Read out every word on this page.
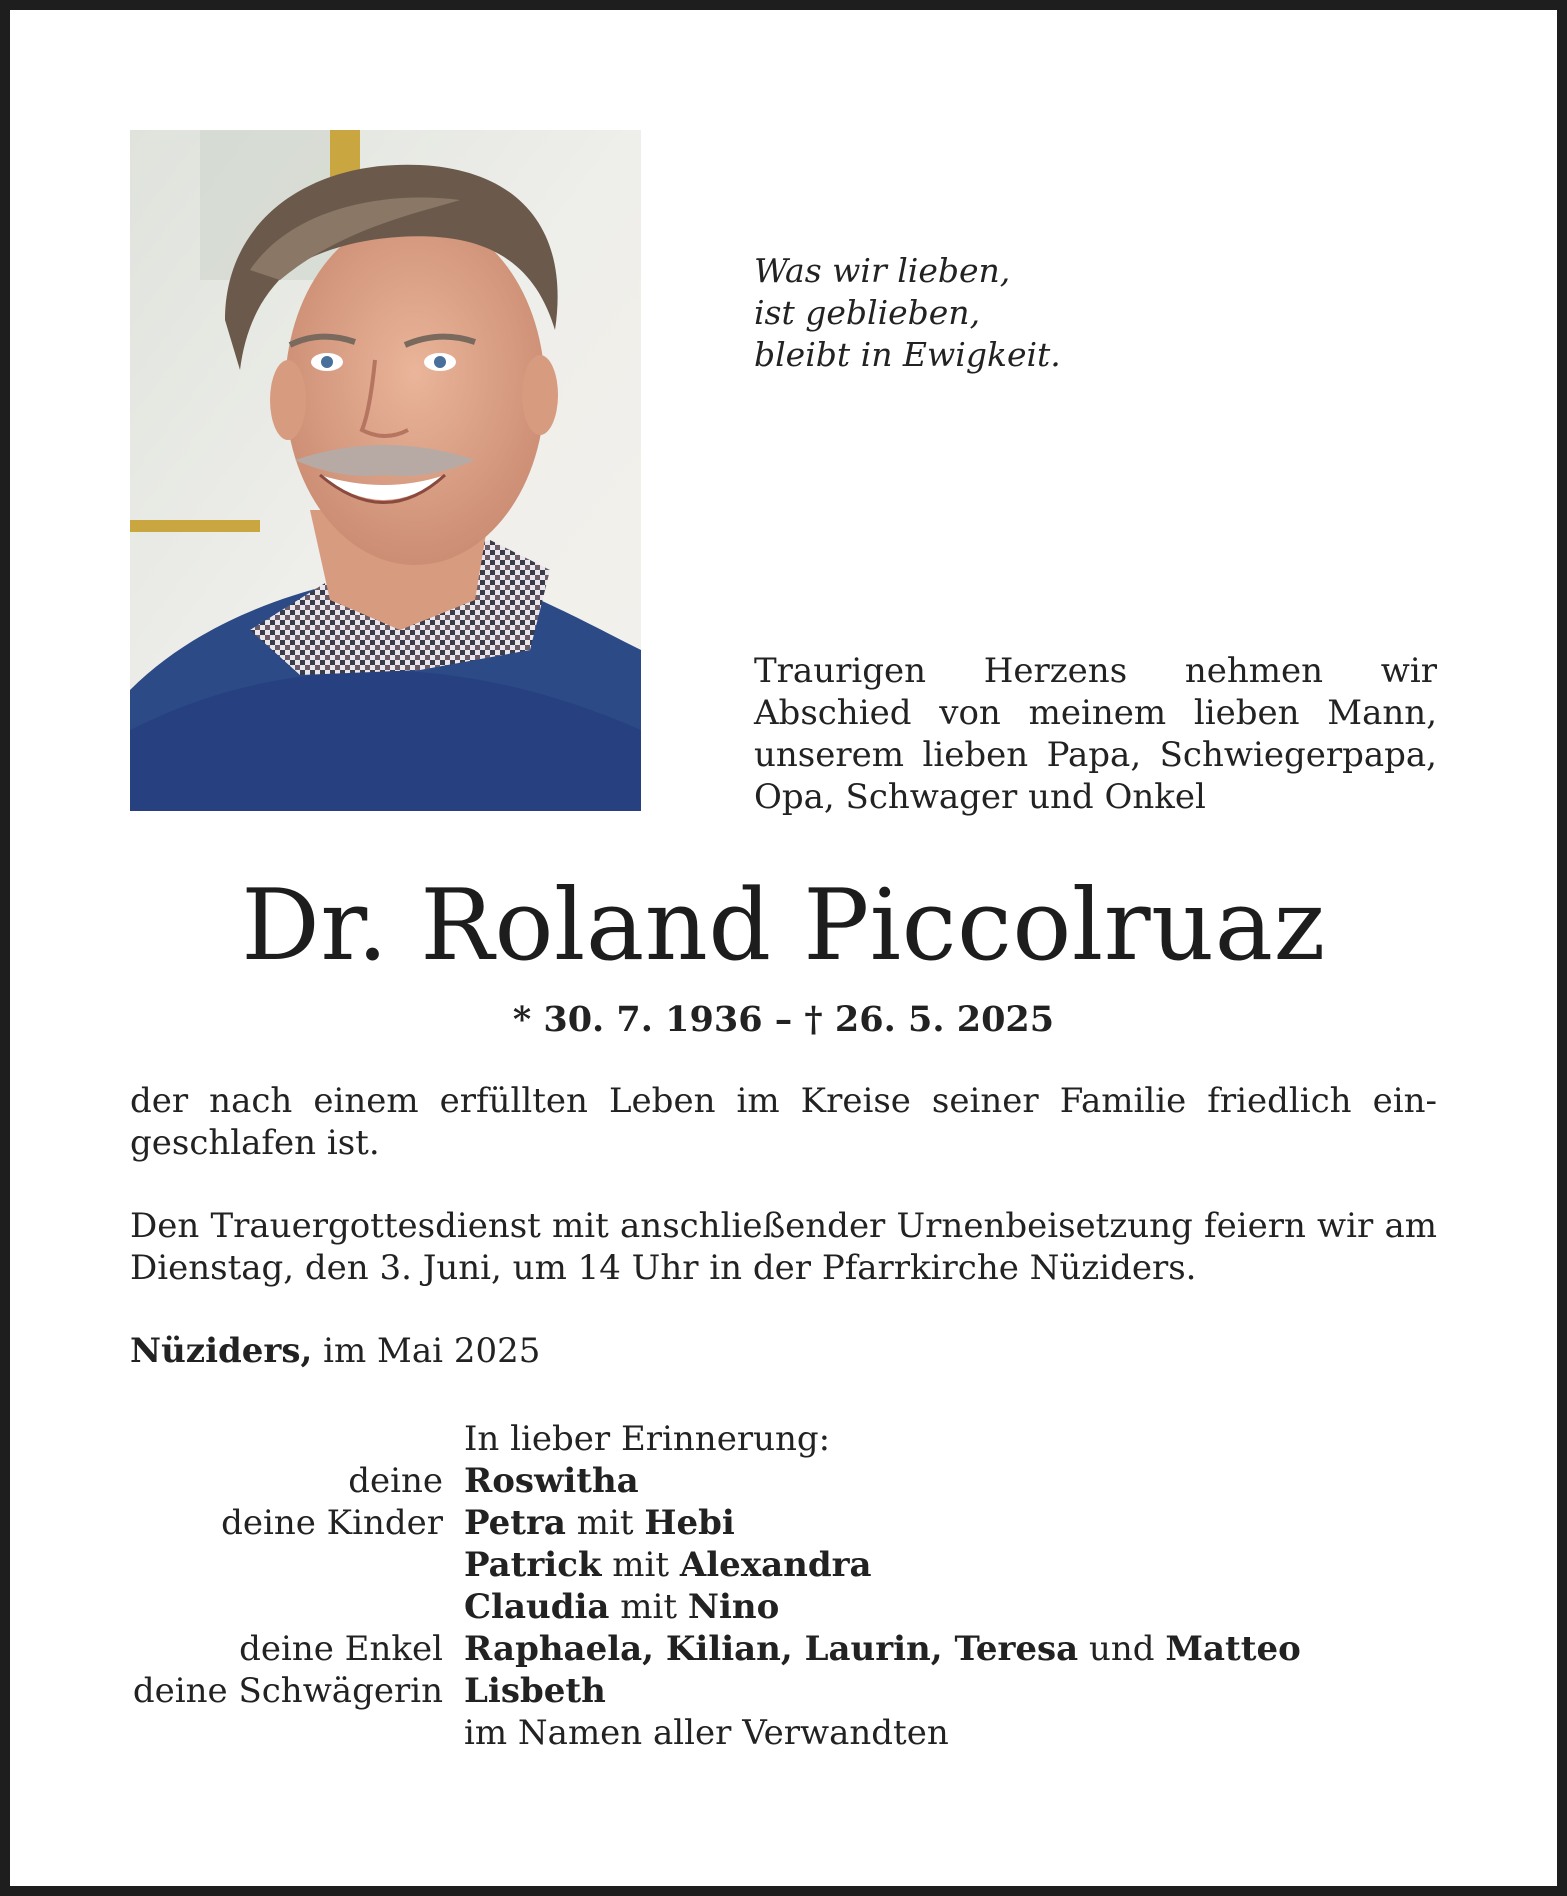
Was wir lieben,
ist geblieben,
bleibt in Ewigkeit.
Traurigen Herzens nehmen wir
Abschied von meinem lieben Mann,
unserem lieben Papa, Schwiegerpapa,
Opa, Schwager und Onkel
Dr. Roland Piccolruaz
* 30. 7. 1936 – † 26. 5. 2025
der nach einem erfüllten Leben im Kreise seiner Familie friedlich ein-
geschlafen ist.
Den Trauergottesdienst mit anschließender Urnenbeisetzung feiern wir am
Dienstag, den 3. Juni, um 14 Uhr in der Pfarrkirche Nüziders.
Nüziders, im Mai 2025
In lieber Erinnerung:
deine Roswitha
deine Kinder Petra mit Hebi
Patrick mit Alexandra
Claudia mit Nino
deine Enkel Raphaela, Kilian, Laurin, Teresa und Matteo
deine Schwägerin Lisbeth
im Namen aller Verwandten
